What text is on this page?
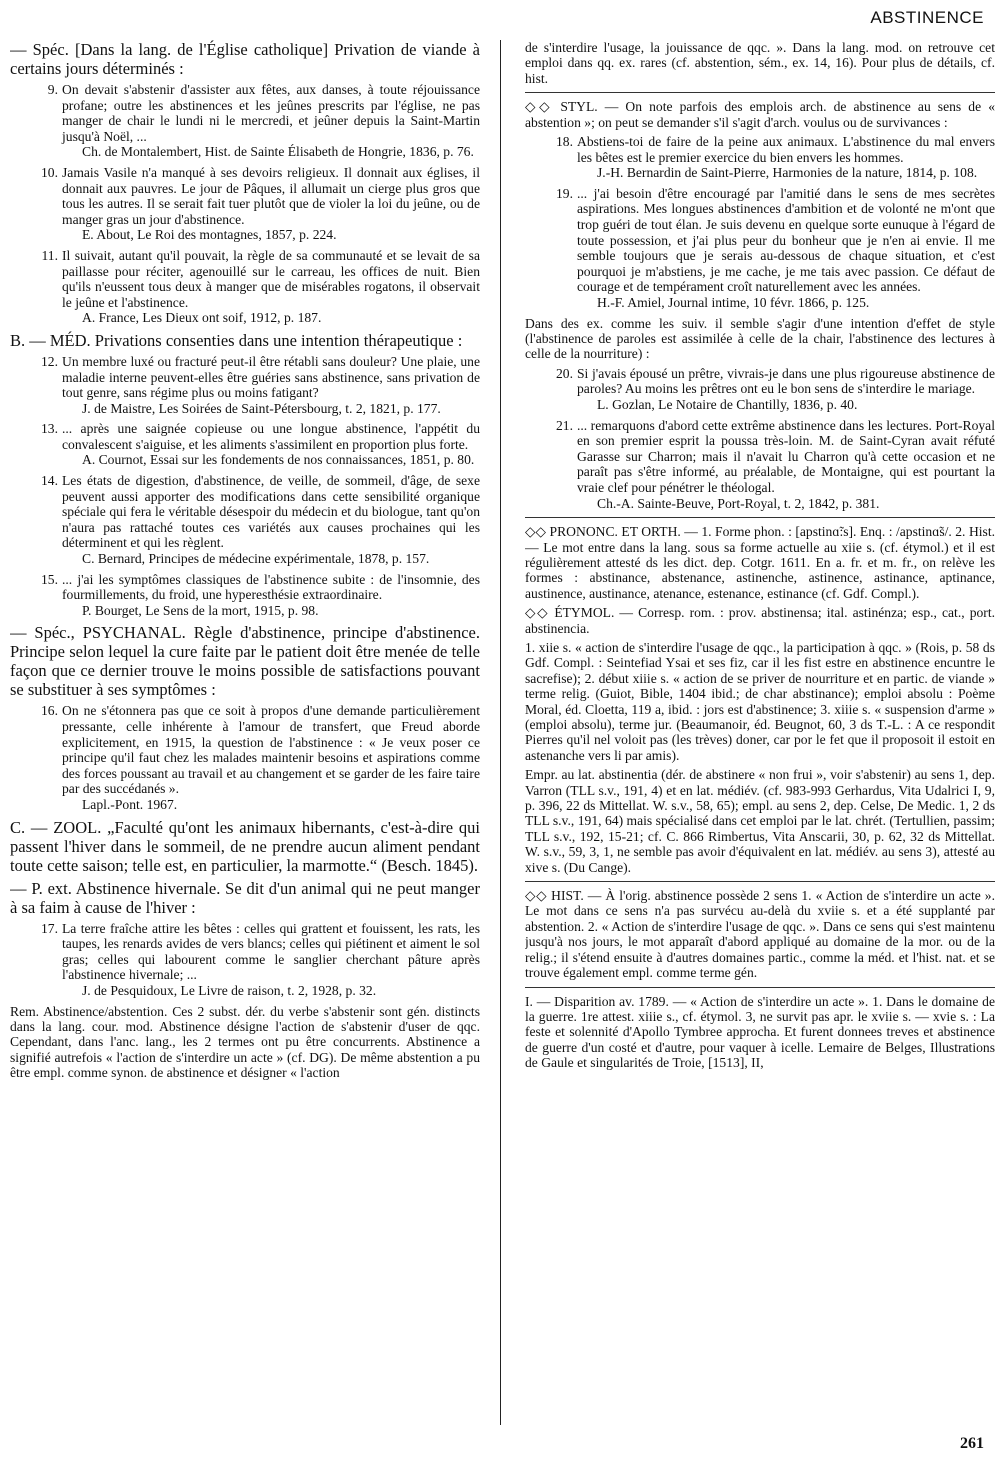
ABSTINENCE

— Spéc. [Dans la lang. de l'Église catholique] Privation de viande à certains jours déterminés :

9. On devait s'abstenir d'assister aux fêtes, aux danses, à toute réjouissance profane; outre les abstinences et les jeûnes prescrits par l'église, ne pas manger de chair le lundi ni le mercredi, et jeûner depuis la Saint-Martin jusqu'à Noël, ...
Ch. de Montalembert, Hist. de Sainte Élisabeth de Hongrie, 1836, p. 76.
10. Jamais Vasile n'a manqué à ses devoirs religieux. Il donnait aux églises, il donnait aux pauvres. Le jour de Pâques, il allumait un cierge plus gros que tous les autres. Il se serait fait tuer plutôt que de violer la loi du jeûne, ou de manger gras un jour d'abstinence.
E. About, Le Roi des montagnes, 1857, p. 224.
11. Il suivait, autant qu'il pouvait, la règle de sa communauté et se levait de sa paillasse pour réciter, agenouillé sur le carreau, les offices de nuit. Bien qu'ils n'eussent tous deux à manger que de misérables rogatons, il observait le jeûne et l'abstinence.
A. France, Les Dieux ont soif, 1912, p. 187.

B. — MÉD. Privations consenties dans une intention thérapeutique :

12. Un membre luxé ou fracturé peut-il être rétabli sans douleur? Une plaie, une maladie interne peuvent-elles être guéries sans abstinence, sans privation de tout genre, sans régime plus ou moins fatigant?
J. de Maistre, Les Soirées de Saint-Pétersbourg, t. 2, 1821, p. 177.
13. ... après une saignée copieuse ou une longue abstinence, l'appétit du convalescent s'aiguise, et les aliments s'assimilent en proportion plus forte.
A. Cournot, Essai sur les fondements de nos connaissances, 1851, p. 80.
14. Les états de digestion, d'abstinence, de veille, de sommeil, d'âge, de sexe peuvent aussi apporter des modifications dans cette sensibilité organique spéciale qui fera le véritable désespoir du médecin et du biologue, tant qu'on n'aura pas rattaché toutes ces variétés aux causes prochaines qui les déterminent et qui les règlent.
C. Bernard, Principes de médecine expérimentale, 1878, p. 157.
15. ... j'ai les symptômes classiques de l'abstinence subite : de l'insomnie, des fourmillements, du froid, une hyperesthésie extraordinaire.
P. Bourget, Le Sens de la mort, 1915, p. 98.

— Spéc., PSYCHANAL. Règle d'abstinence, principe d'abstinence. Principe selon lequel la cure faite par le patient doit être menée de telle façon que ce dernier trouve le moins possible de satisfactions pouvant se substituer à ses symptômes :

16. On ne s'étonnera pas que ce soit à propos d'une demande particulièrement pressante, celle inhérente à l'amour de transfert, que Freud aborde explicitement, en 1915, la question de l'abstinence : « Je veux poser ce principe qu'il faut chez les malades maintenir besoins et aspirations comme des forces poussant au travail et au changement et se garder de les faire taire par des succédanés ».
Lapl.-Pont. 1967.

C. — ZOOL. „Faculté qu'ont les animaux hibernants, c'est-à-dire qui passent l'hiver dans le sommeil, de ne prendre aucun aliment pendant toute cette saison; telle est, en particulier, la marmotte.“ (Besch. 1845).

— P. ext. Abstinence hivernale. Se dit d'un animal qui ne peut manger à sa faim à cause de l'hiver :

17. La terre fraîche attire les bêtes : celles qui grattent et fouissent, les rats, les taupes, les renards avides de vers blancs; celles qui piétinent et aiment le sol gras; celles qui labourent comme le sanglier cherchant pâture après l'abstinence hivernale; ...
J. de Pesquidoux, Le Livre de raison, t. 2, 1928, p. 32.
Rem. Abstinence/abstention. Ces 2 subst. dér. du verbe s'abstenir sont gén. distincts dans la lang. cour. mod. Abstinence désigne l'action de s'abstenir d'user de qqc. Cependant, dans l'anc. lang., les 2 termes ont pu être concurrents. Abstinence a signifié autrefois « l'action de s'interdire un acte » (cf. DG). De même abstention a pu être empl. comme synon. de abstinence et désigner « l'action
de s'interdire l'usage, la jouissance de qqc. ». Dans la lang. mod. on retrouve cet emploi dans qq. ex. rares (cf. abstention, sém., ex. 14, 16). Pour plus de détails, cf. hist.
◇◇ STYL. — On note parfois des emplois arch. de abstinence au sens de « abstention »; on peut se demander s'il s'agit d'arch. voulus ou de survivances :
18. Abstiens-toi de faire de la peine aux animaux. L'abstinence du mal envers les bêtes est le premier exercice du bien envers les hommes.
J.-H. Bernardin de Saint-Pierre, Harmonies de la nature, 1814, p. 108.
19. ... j'ai besoin d'être encouragé par l'amitié dans le sens de mes secrètes aspirations. Mes longues abstinences d'ambition et de volonté ne m'ont que trop guéri de tout élan. Je suis devenu en quelque sorte eunuque à l'égard de toute possession, et j'ai plus peur du bonheur que je n'en ai envie. Il me semble toujours que je serais au-dessous de chaque situation, et c'est pourquoi je m'abstiens, je me cache, je me tais avec passion. Ce défaut de courage et de tempérament croît naturellement avec les années.
H.-F. Amiel, Journal intime, 10 févr. 1866, p. 125.
Dans des ex. comme les suiv. il semble s'agir d'une intention d'effet de style (l'abstinence de paroles est assimilée à celle de la chair, l'abstinence des lectures à celle de la nourriture) :
20. Si j'avais épousé un prêtre, vivrais-je dans une plus rigoureuse abstinence de paroles? Au moins les prêtres ont eu le bon sens de s'interdire le mariage.
L. Gozlan, Le Notaire de Chantilly, 1836, p. 40.
21. ... remarquons d'abord cette extrême abstinence dans les lectures. Port-Royal en son premier esprit la poussa très-loin. M. de Saint-Cyran avait réfuté Garasse sur Charron; mais il n'avait lu Charron qu'à cette occasion et ne paraît pas s'être informé, au préalable, de Montaigne, qui est pourtant la vraie clef pour pénétrer le théologal.
Ch.-A. Sainte-Beuve, Port-Royal, t. 2, 1842, p. 381.
◇◇ PRONONC. ET ORTH. — 1. Forme phon. : [apstinɑ̃:s]. Enq. : /apstinɑ̃s/. 2. Hist. — Le mot entre dans la lang. sous sa forme actuelle au xiie s. (cf. étymol.) et il est régulièrement attesté ds les dict. dep. Cotgr. 1611. En a. fr. et m. fr., on relève les formes : abstinance, abstenance, astinenche, astinence, astinance, aptinance, austinence, austinance, atenance, estenance, estinance (cf. Gdf. Compl.).
◇◇ ÉTYMOL. — Corresp. rom. : prov. abstinensa; ital. astinénza; esp., cat., port. abstinencia.
1. xiie s. « action de s'interdire l'usage de qqc., la participation à qqc. » (Rois, p. 58 ds Gdf. Compl. : Seintefiad Ysai et ses fiz, car il les fist estre en abstinence encuntre le sacrefise); 2. début xiiie s. « action de se priver de nourriture et en partic. de viande » terme relig. (Guiot, Bible, 1404 ibid.; de char abstinance); emploi absolu : Poème Moral, éd. Cloetta, 119 a, ibid. : jors est d'abstinence; 3. xiiie s. « suspension d'arme » (emploi absolu), terme jur. (Beaumanoir, éd. Beugnot, 60, 3 ds T.-L. : A ce respondit Pierres qu'il nel voloit pas (les trèves) doner, car por le fet que il proposoit il estoit en astenanche vers li par amis).
Empr. au lat. abstinentia (dér. de abstinere « non frui », voir s'abstenir) au sens 1, dep. Varron (TLL s.v., 191, 4) et en lat. médiév. (cf. 983-993 Gerhardus, Vita Udalrici I, 9, p. 396, 22 ds Mittellat. W. s.v., 58, 65); empl. au sens 2, dep. Celse, De Medic. 1, 2 ds TLL s.v., 191, 64) mais spécialisé dans cet emploi par le lat. chrét. (Tertullien, passim; TLL s.v., 192, 15-21; cf. C. 866 Rimbertus, Vita Anscarii, 30, p. 62, 32 ds Mittellat. W. s.v., 59, 3, 1, ne semble pas avoir d'équivalent en lat. médiév. au sens 3), attesté au xive s. (Du Cange).
◇◇ HIST. — À l'orig. abstinence possède 2 sens 1. « Action de s'interdire un acte ». Le mot dans ce sens n'a pas survécu au-delà du xviie s. et a été supplanté par abstention. 2. « Action de s'interdire l'usage de qqc. ». Dans ce sens qui s'est maintenu jusqu'à nos jours, le mot apparaît d'abord appliqué au domaine de la mor. ou de la relig.; il s'étend ensuite à d'autres domaines partic., comme la méd. et l'hist. nat. et se trouve également empl. comme terme gén.
I. — Disparition av. 1789. — « Action de s'interdire un acte ». 1. Dans le domaine de la guerre. 1re attest. xiiie s., cf. étymol. 3, ne survit pas apr. le xviie s. — xvie s. : La feste et solennité d'Apollo Tymbree approcha. Et furent donnees treves et abstinence de guerre d'un costé et d'autre, pour vaquer à icelle. Lemaire de Belges, Illustrations de Gaule et singularités de Troie, [1513], II,
261
